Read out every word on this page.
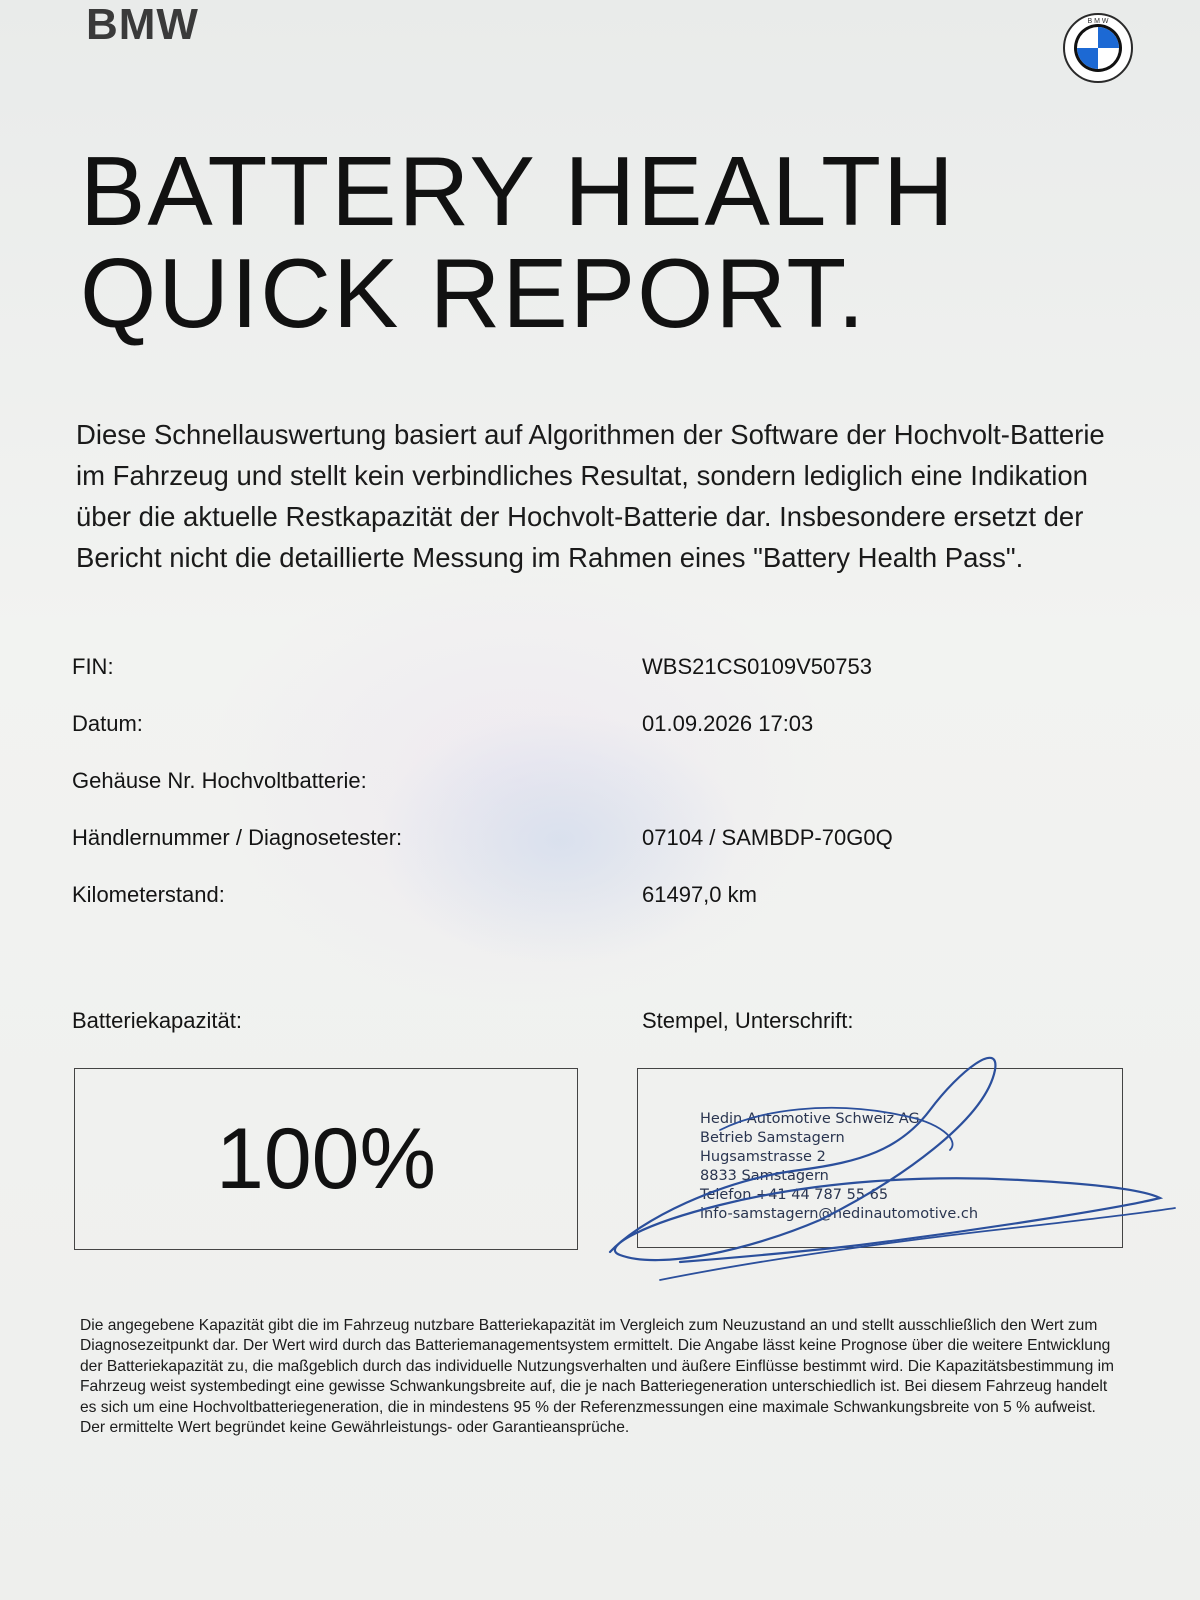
BMW	B M W
BATTERY HEALTH
QUICK REPORT.

Diese Schnellauswertung basiert auf Algorithmen der Software der Hochvolt-Batterie im Fahrzeug und stellt kein verbindliches Resultat, sondern lediglich eine Indikation über die aktuelle Restkapazität der Hochvolt-Batterie dar. Insbesondere ersetzt der Bericht nicht die detaillierte Messung im Rahmen eines "Battery Health Pass".

FIN:	WBS21CS0109V50753
Datum:	01.09.2026 17:03
Gehäuse Nr. Hochvoltbatterie:
Händlernummer / Diagnosetester:	07104 / SAMBDP-70G0Q
Kilometerstand:	61497,0 km
Batteriekapazität:	Stempel, Unterschrift:
100%	Hedin Automotive Schweiz AG
Betrieb Samstagern
Hugsamstrasse 2
8833 Samstagern
Telefon +41 44 787 55 65
info-samstagern@hedinautomotive.ch

Die angegebene Kapazität gibt die im Fahrzeug nutzbare Batteriekapazität im Vergleich zum Neuzustand an und stellt ausschließlich den Wert zum Diagnosezeitpunkt dar. Der Wert wird durch das Batteriemanagementsystem ermittelt. Die Angabe lässt keine Prognose über die weitere Entwicklung der Batteriekapazität zu, die maßgeblich durch das individuelle Nutzungsverhalten und äußere Einflüsse bestimmt wird. Die Kapazitätsbestimmung im Fahrzeug weist systembedingt eine gewisse Schwankungsbreite auf, die je nach Batteriegeneration unterschiedlich ist. Bei diesem Fahrzeug handelt es sich um eine Hochvoltbatteriegeneration, die in mindestens 95 % der Referenzmessungen eine maximale Schwankungsbreite von 5 % aufweist. Der ermittelte Wert begründet keine Gewährleistungs- oder Garantieansprüche.
